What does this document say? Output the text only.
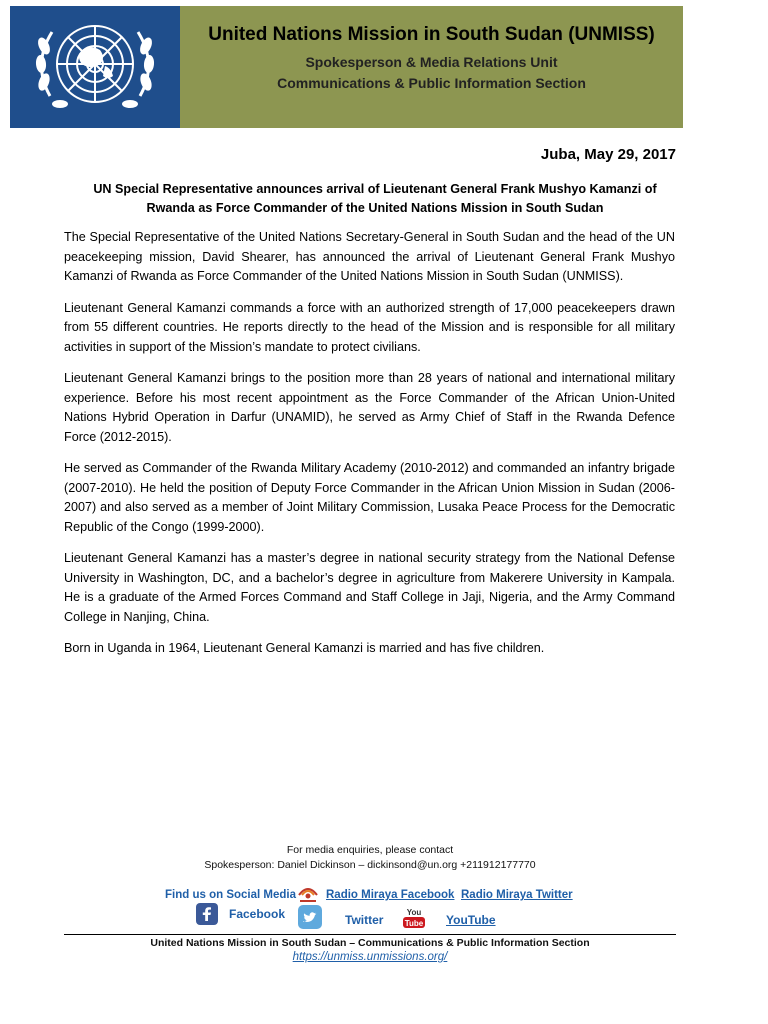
United Nations Mission in South Sudan (UNMISS)
Spokesperson & Media Relations Unit
Communications & Public Information Section
Juba, May 29, 2017
UN Special Representative announces arrival of Lieutenant General Frank Mushyo Kamanzi of Rwanda as Force Commander of the United Nations Mission in South Sudan

The Special Representative of the United Nations Secretary-General in South Sudan and the head of the UN peacekeeping mission, David Shearer, has announced the arrival of Lieutenant General Frank Mushyo Kamanzi of Rwanda as Force Commander of the United Nations Mission in South Sudan (UNMISS).

Lieutenant General Kamanzi commands a force with an authorized strength of 17,000 peacekeepers drawn from 55 different countries. He reports directly to the head of the Mission and is responsible for all military activities in support of the Mission’s mandate to protect civilians.

Lieutenant General Kamanzi brings to the position more than 28 years of national and international military experience. Before his most recent appointment as the Force Commander of the African Union-United Nations Hybrid Operation in Darfur (UNAMID), he served as Army Chief of Staff in the Rwanda Defence Force (2012-2015).

He served as Commander of the Rwanda Military Academy (2010-2012) and commanded an infantry brigade (2007-2010). He held the position of Deputy Force Commander in the African Union Mission in Sudan (2006-2007) and also served as a member of Joint Military Commission, Lusaka Peace Process for the Democratic Republic of the Congo (1999-2000).

Lieutenant General Kamanzi has a master’s degree in national security strategy from the National Defense University in Washington, DC, and a bachelor’s degree in agriculture from Makerere University in Kampala. He is a graduate of the Armed Forces Command and Staff College in Jaji, Nigeria, and the Army Command College in Nanjing, China.

Born in Uganda in 1964, Lieutenant General Kamanzi is married and has five children.

For media enquiries, please contact
Spokesperson: Daniel Dickinson – dickinsond@un.org +211912177770
Find us on Social Media	Radio Miraya Facebook Radio Miraya Twitter
Facebook	Twitter
You
Tube YouTube
United Nations Mission in South Sudan – Communications & Public Information Section
https://unmiss.unmissions.org/
